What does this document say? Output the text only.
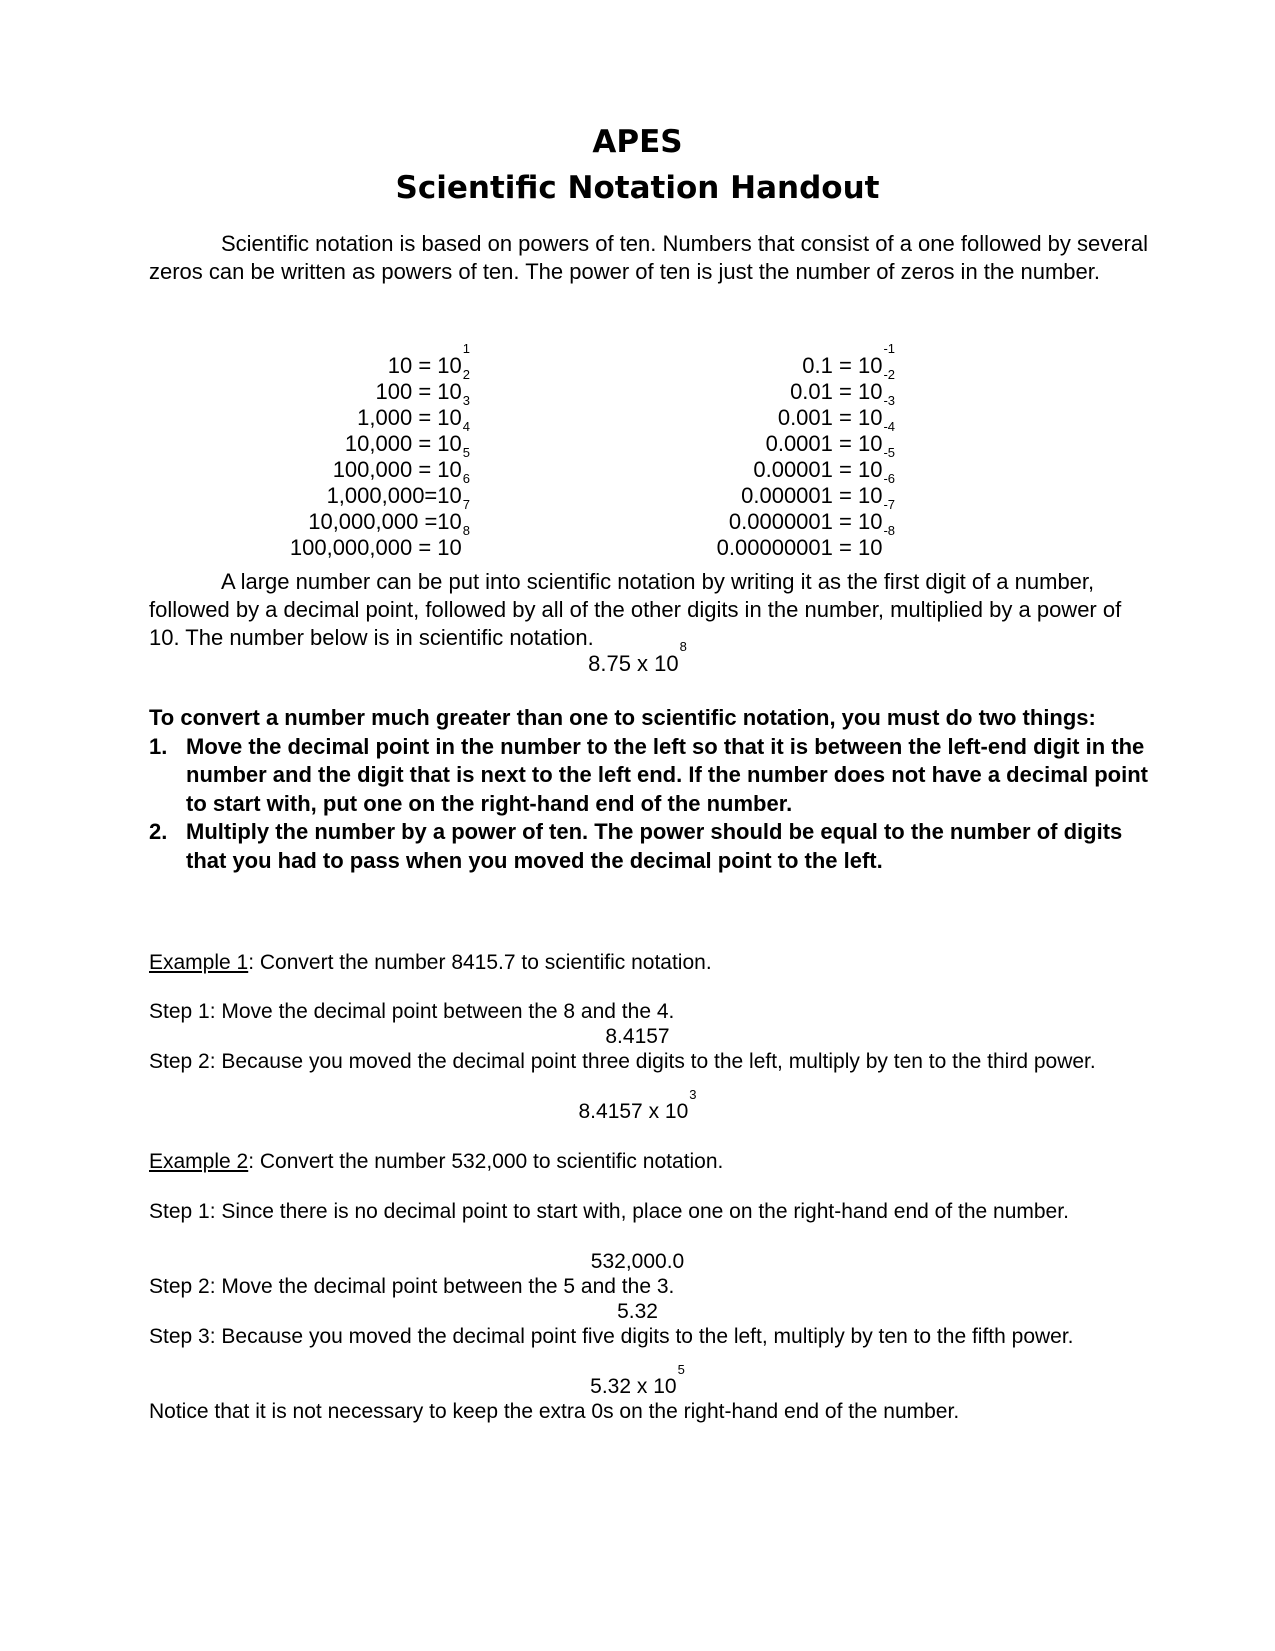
APES
Scientific Notation Handout
Scientific notation is based on powers of ten. Numbers that consist of a one followed by several zeros can be written as powers of ten. The power of ten is just the number of zeros in the number.
$10 = 10^1$
$100 = 10^2$
$1,000 = 10^3$
$10,000 = 10^4$
$100,000 = 10^5$
$1,000,000=10^6$
$10,000,000 =10^7$
$100,000,000 = 10^8$
$0.1 = 10^{-1}$
$0.01 = 10^{-2}$
$0.001 = 10^{-3}$
$0.0001 = 10^{-4}$
$0.00001 = 10^{-5}$
$0.000001 = 10^{-6}$
$0.0000001 = 10^{-7}$
$0.00000001 = 10^{-8}$
A large number can be put into scientific notation by writing it as the first digit of a number, followed by a decimal point, followed by all of the other digits in the number, multiplied by a power of 10. The number below is in scientific notation.
8.75 x $10^8$
To convert a number much greater than one to scientific notation, you must do two things:
1. Move the decimal point in the number to the left so that it is between the left-end digit in the number and the digit that is next to the left end. If the number does not have a decimal point to start with, put one on the right-hand end of the number.
2. Multiply the number by a power of ten. The power should be equal to the number of digits that you had to pass when you moved the decimal point to the left.
Example 1: Convert the number 8415.7 to scientific notation.
Step 1: Move the decimal point between the 8 and the 4.
8.4157
Step 2: Because you moved the decimal point three digits to the left, multiply by ten to the third power.
8.4157 x $10^3$
Example 2: Convert the number 532,000 to scientific notation.
Step 1: Since there is no decimal point to start with, place one on the right-hand end of the number.
532,000.0
Step 2: Move the decimal point between the 5 and the 3.
5.32
Step 3: Because you moved the decimal point five digits to the left, multiply by ten to the fifth power.
5.32 x $10^5$
Notice that it is not necessary to keep the extra 0s on the right-hand end of the number.
